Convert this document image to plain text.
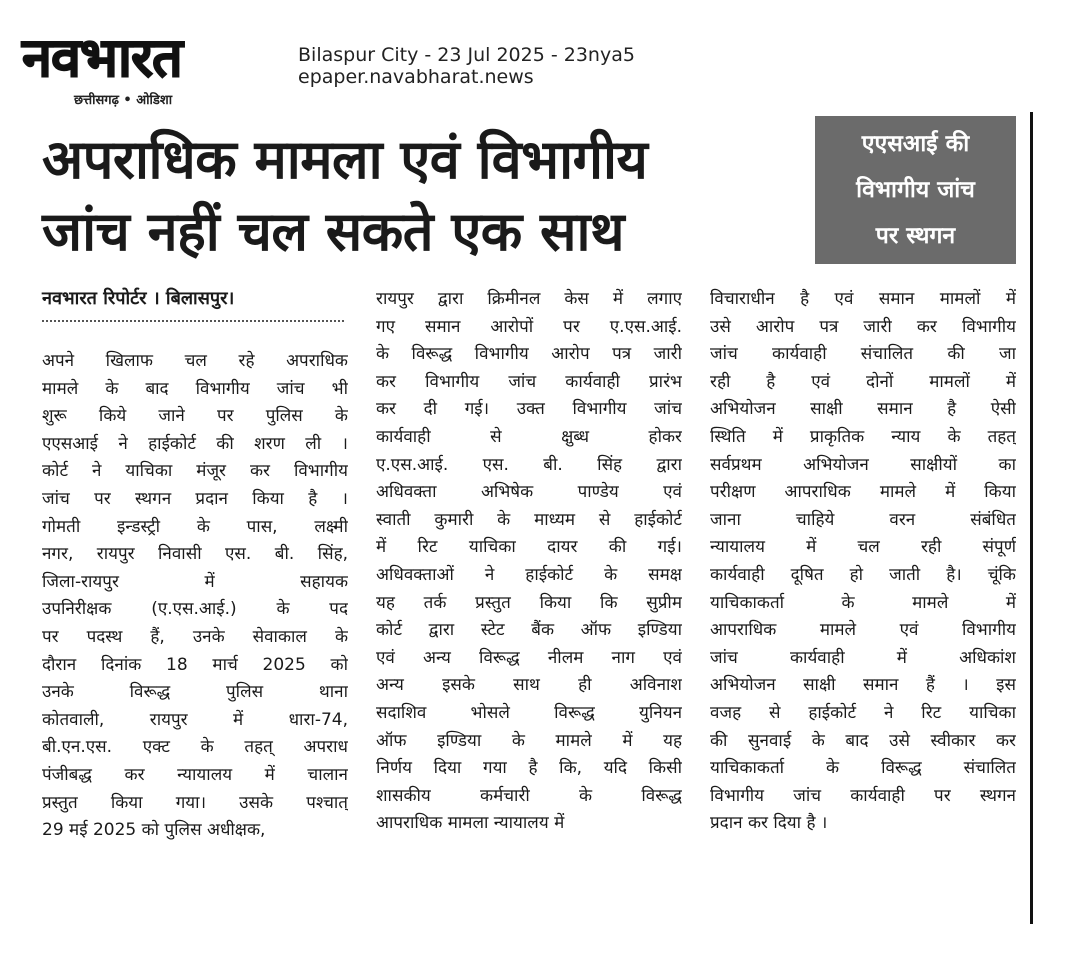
नवभारत
छत्तीसगढ़ • ओडिशा
Bilaspur City - 23 Jul 2025 - 23nya5
epaper.navabharat.news
अपराधिक मामला एवं विभागीय
जांच नहीं चल सकते एक साथ
एएसआई की
विभागीय जांच
पर स्थगन
नवभारत रिपोर्टर । बिलासपुर।
अपने खिलाफ चल रहे अपराधिक
मामले के बाद विभागीय जांच भी
शुरू किये जाने पर पुलिस के
एएसआई ने हाईकोर्ट की शरण ली ।
कोर्ट ने याचिका मंजूर कर विभागीय
जांच पर स्थगन प्रदान किया है ।
गोमती इन्डस्ट्री के पास, लक्ष्मी
नगर, रायपुर निवासी एस. बी. सिंह,
जिला-रायपुर में सहायक
उपनिरीक्षक (ए.एस.आई.) के पद
पर पदस्थ हैं, उनके सेवाकाल के
दौरान दिनांक 18 मार्च 2025 को
उनके विरूद्ध पुलिस थाना
कोतवाली, रायपुर में धारा-74,
बी.एन.एस. एक्ट के तहत् अपराध
पंजीबद्ध कर न्यायालय में चालान
प्रस्तुत किया गया। उसके पश्चात्
29 मई 2025 को पुलिस अधीक्षक,
रायपुर द्वारा क्रिमीनल केस में लगाए
गए समान आरोपों पर ए.एस.आई.
के विरूद्ध विभागीय आरोप पत्र जारी
कर विभागीय जांच कार्यवाही प्रारंभ
कर दी गई। उक्त विभागीय जांच
कार्यवाही से क्षुब्ध होकर
ए.एस.आई. एस. बी. सिंह द्वारा
अधिवक्ता अभिषेक पाण्डेय एवं
स्वाती कुमारी के माध्यम से हाईकोर्ट
में रिट याचिका दायर की गई।
अधिवक्ताओं ने हाईकोर्ट के समक्ष
यह तर्क प्रस्तुत किया कि सुप्रीम
कोर्ट द्वारा स्टेट बैंक ऑफ इण्डिया
एवं अन्य विरूद्ध नीलम नाग एवं
अन्य इसके साथ ही अविनाश
सदाशिव भोसले विरूद्ध युनियन
ऑफ इण्डिया के मामले में यह
निर्णय दिया गया है कि, यदि किसी
शासकीय कर्मचारी के विरूद्ध
आपराधिक मामला न्यायालय में
विचाराधीन है एवं समान मामलों में
उसे आरोप पत्र जारी कर विभागीय
जांच कार्यवाही संचालित की जा
रही है एवं दोनों मामलों में
अभियोजन साक्षी समान है ऐसी
स्थिति में प्राकृतिक न्याय के तहत्
सर्वप्रथम अभियोजन साक्षीयों का
परीक्षण आपराधिक मामले में किया
जाना चाहिये वरन संबंधित
न्यायालय में चल रही संपूर्ण
कार्यवाही दूषित हो जाती है। चूंकि
याचिकाकर्ता के मामले में
आपराधिक मामले एवं विभागीय
जांच कार्यवाही में अधिकांश
अभियोजन साक्षी समान हैं । इस
वजह से हाईकोर्ट ने रिट याचिका
की सुनवाई के बाद उसे स्वीकार कर
याचिकाकर्ता के विरूद्ध संचालित
विभागीय जांच कार्यवाही पर स्थगन
प्रदान कर दिया है ।
